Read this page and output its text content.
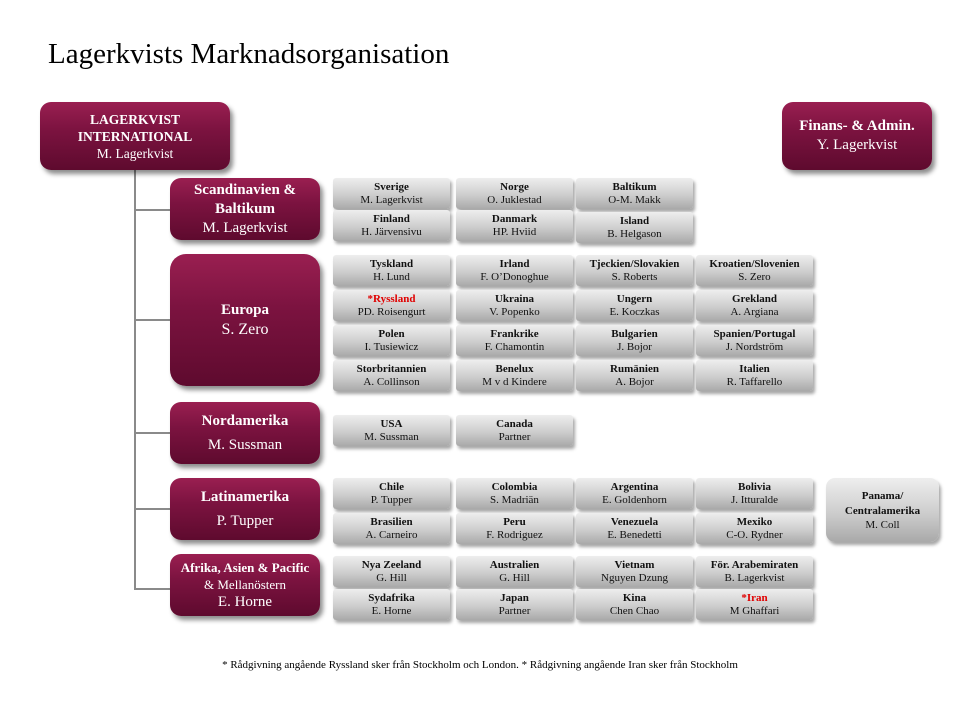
Lagerkvists Marknadsorganisation
LAGERKVIST INTERNATIONAL
M. Lagerkvist
Finans- & Admin.
Y. Lagerkvist
Scandinavien & Baltikum
M. Lagerkvist
Europa
S. Zero
Nordamerika
M. Sussman
Latinamerika
P. Tupper
Afrika, Asien & Pacific
& Mellanöstern
E. Horne
Sverige
M. Lagerkvist
Norge
O. Juklestad
Baltikum
O-M. Makk
Finland
H. Järvensivu
Danmark
HP. Hviid
Island
B. Helgason
Tyskland
H. Lund
Irland
F. O’Donoghue
Tjeckien/Slovakien
S. Roberts
Kroatien/Slovenien
S. Zero
*Ryssland
PD. Roisengurt
Ukraina
V. Popenko
Ungern
E. Koczkas
Grekland
A. Argiana
Polen
I. Tusiewicz
Frankrike
F. Chamontin
Bulgarien
J. Bojor
Spanien/Portugal
J. Nordström
Storbritannien
A. Collinson
Benelux
M v d Kindere
Rumänien
A. Bojor
Italien
R. Taffarello
USA
M. Sussman
Canada
Partner
Chile
P. Tupper
Colombia
S. Madriän
Argentina
E. Goldenhorn
Bolivia
J. Itturalde
Brasilien
A. Carneiro
Peru
F. Rodriguez
Venezuela
E. Benedetti
Mexiko
C-O. Rydner
Panama/ Centralamerika
M. Coll
Nya Zeeland
G. Hill
Australien
G. Hill
Vietnam
Nguyen Dzung
För. Arabemiraten
B. Lagerkvist
Sydafrika
E. Horne
Japan
Partner
Kina
Chen Chao
*Iran
M Ghaffari
* Rådgivning angående Ryssland sker från Stockholm och London. * Rådgivning angående Iran sker från Stockholm
